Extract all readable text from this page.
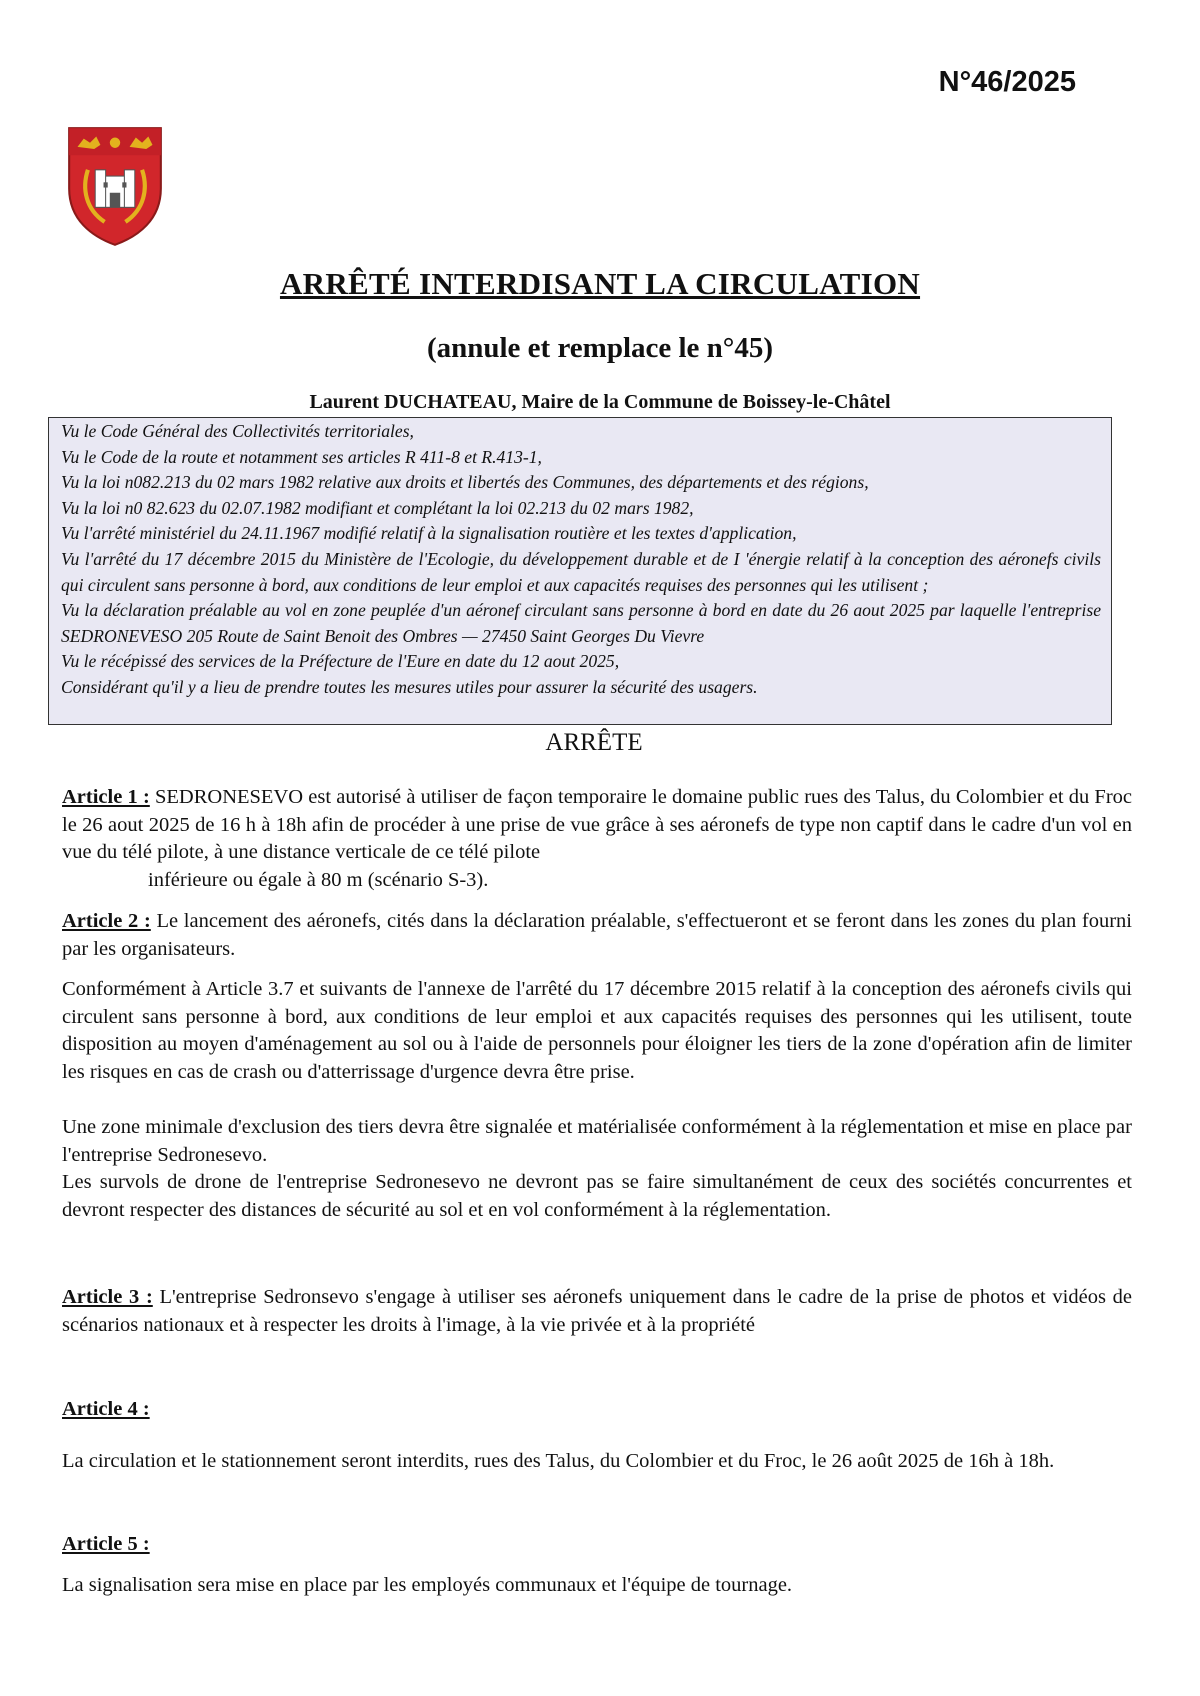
N°46/2025
ARRÊTÉ INTERDISANT LA CIRCULATION
(annule et remplace le n°45)
Laurent DUCHATEAU, Maire de la Commune de Boissey-le-Châtel
Vu le Code Général des Collectivités territoriales,
Vu le Code de la route et notamment ses articles R 411-8 et R.413-1,
Vu la loi n082.213 du 02 mars 1982 relative aux droits et libertés des Communes, des départements et des régions,
Vu la loi n0 82.623 du 02.07.1982 modifiant et complétant la loi 02.213 du 02 mars 1982,
Vu l'arrêté ministériel du 24.11.1967 modifié relatif à la signalisation routière et les textes d'application,
Vu l'arrêté du 17 décembre 2015 du Ministère de l'Ecologie, du développement durable et de I 'énergie relatif à la conception des aéronefs civils qui circulent sans personne à bord, aux conditions de leur emploi et aux capacités requises des personnes qui les utilisent ;
Vu la déclaration préalable au vol en zone peuplée d'un aéronef circulant sans personne à bord en date du 26 aout 2025 par laquelle l'entreprise SEDRONEVESO 205 Route de Saint Benoit des Ombres — 27450 Saint Georges Du Vievre
Vu le récépissé des services de la Préfecture de l'Eure en date du 12 aout 2025,
Considérant qu'il y a lieu de prendre toutes les mesures utiles pour assurer la sécurité des usagers.
ARRÊTE
Article 1 : SEDRONESEVO est autorisé à utiliser de façon temporaire le domaine public rues des Talus, du Colombier et du Froc le 26 aout 2025 de 16 h à 18h afin de procéder à une prise de vue grâce à ses aéronefs de type non captif dans le cadre d'un vol en vue du télé pilote, à une distance verticale de ce télé pilote
inférieure ou égale à 80 m (scénario S-3).
Article 2 : Le lancement des aéronefs, cités dans la déclaration préalable, s'effectueront et se feront dans les zones du plan fourni par les organisateurs.
Conformément à Article 3.7 et suivants de l'annexe de l'arrêté du 17 décembre 2015 relatif à la conception des aéronefs civils qui circulent sans personne à bord, aux conditions de leur emploi et aux capacités requises des personnes qui les utilisent, toute disposition au moyen d'aménagement au sol ou à l'aide de personnels pour éloigner les tiers de la zone d'opération afin de limiter les risques en cas de crash ou d'atterrissage d'urgence devra être prise.
Une zone minimale d'exclusion des tiers devra être signalée et matérialisée conformément à la réglementation et mise en place par l'entreprise Sedronesevo.
Les survols de drone de l'entreprise Sedronesevo ne devront pas se faire simultanément de ceux des sociétés concurrentes et devront respecter des distances de sécurité au sol et en vol conformément à la réglementation.
Article 3 : L'entreprise Sedronsevo s'engage à utiliser ses aéronefs uniquement dans le cadre de la prise de photos et vidéos de scénarios nationaux et à respecter les droits à l'image, à la vie privée et à la propriété
Article 4 :
La circulation et le stationnement seront interdits, rues des Talus, du Colombier et du Froc, le 26 août 2025 de 16h à 18h.
Article 5 :
La signalisation sera mise en place par les employés communaux et l'équipe de tournage.
